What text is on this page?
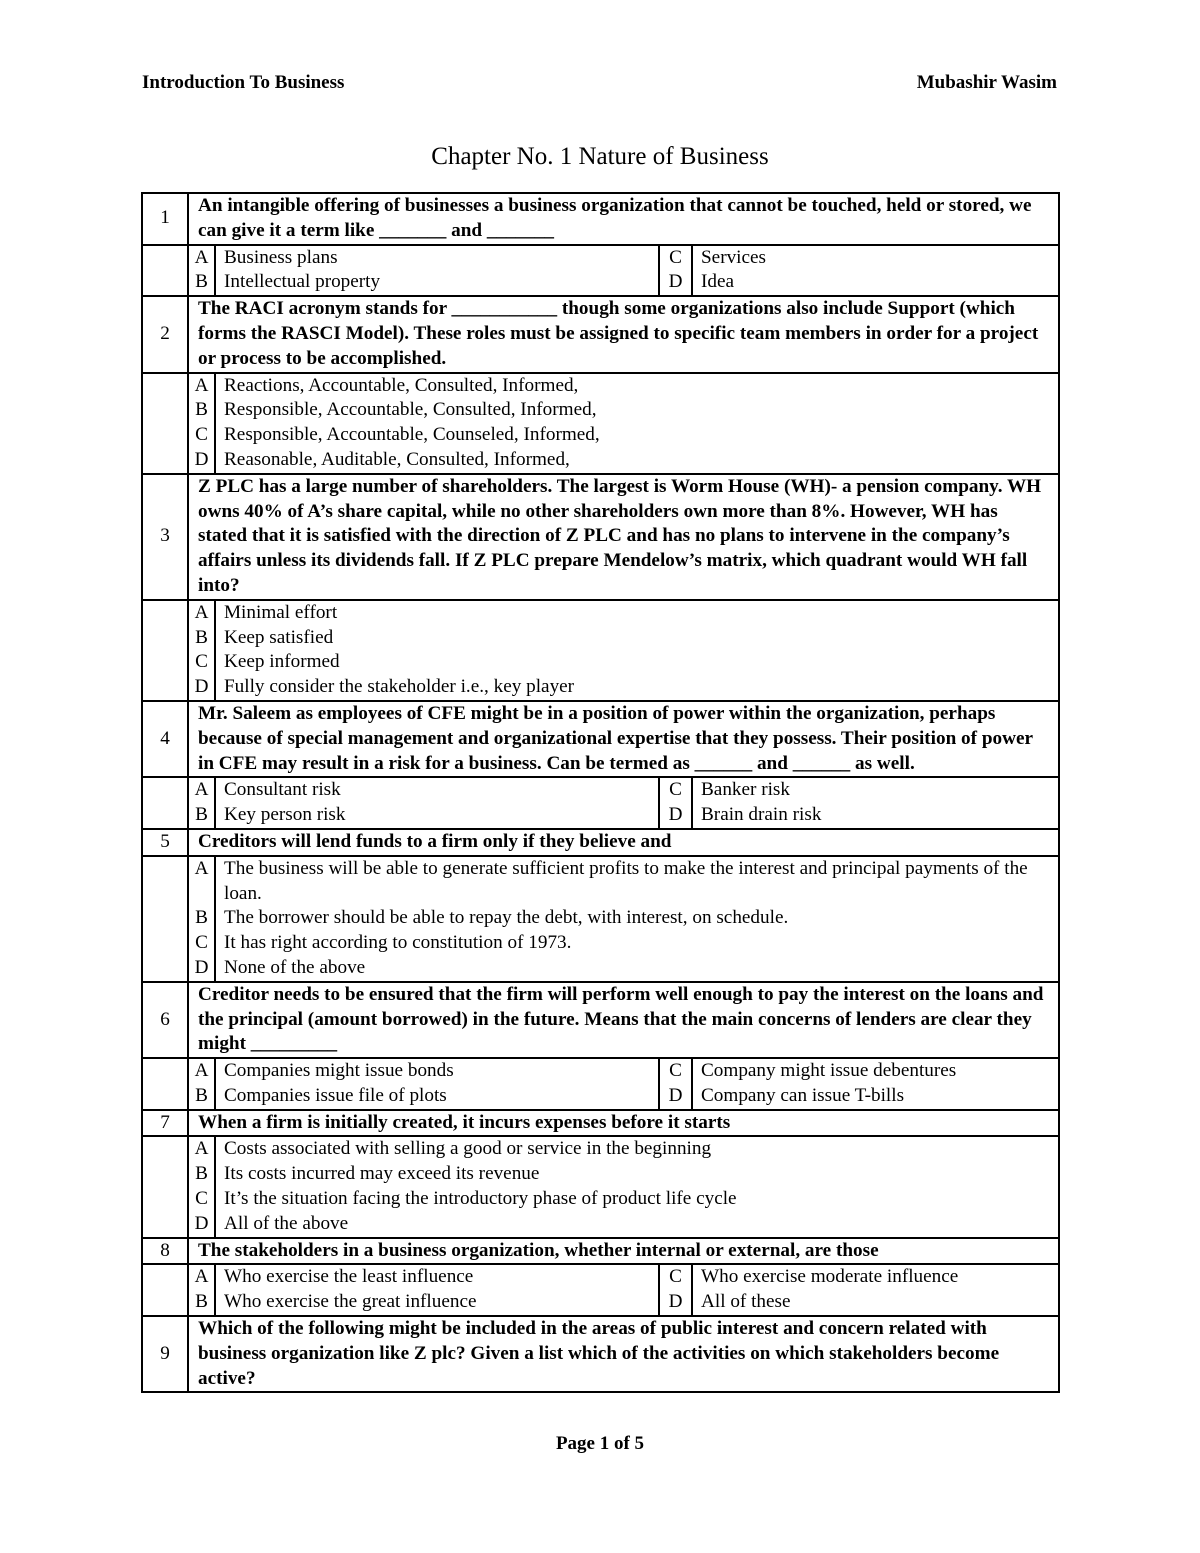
Introduction To Business	Mubashir Wasim
Chapter No. 1 Nature of Business
1	An intangible offering of businesses a business organization that cannot be touched, held or stored, we can give it a term like _______ and _______

A	Business plans	C	Services
B	Intellectual property	D	Idea

2	The RACI acronym stands for ___________ though some organizations also include Support (which forms the RASCI Model). These roles must be assigned to specific team members in order for a project or process to be accomplished.

A	Reactions, Accountable, Consulted, Informed,
B	Responsible, Accountable, Consulted, Informed,
C	Responsible, Accountable, Counseled, Informed,
D	Reasonable, Auditable, Consulted, Informed,

3	Z PLC has a large number of shareholders. The largest is Worm House (WH)- a pension company. WH owns 40% of A’s share capital, while no other shareholders own more than 8%. However, WH has stated that it is satisfied with the direction of Z PLC and has no plans to intervene in the company’s affairs unless its dividends fall. If Z PLC prepare Mendelow’s matrix, which quadrant would WH fall into?

A	Minimal effort
B	Keep satisfied
C	Keep informed
D	Fully consider the stakeholder i.e., key player

4	Mr. Saleem as employees of CFE might be in a position of power within the organization, perhaps because of special management and organizational expertise that they possess. Their position of power in CFE may result in a risk for a business. Can be termed as ______ and ______ as well.

A	Consultant risk	C	Banker risk
B	Key person risk	D	Brain drain risk

5	Creditors will lend funds to a firm only if they believe and

A	The business will be able to generate sufficient profits to make the interest and principal payments of the loan.
B	The borrower should be able to repay the debt, with interest, on schedule.
C	It has right according to constitution of 1973.
D	None of the above

6	Creditor needs to be ensured that the firm will perform well enough to pay the interest on the loans and the principal (amount borrowed) in the future. Means that the main concerns of lenders are clear they might _________

A	Companies might issue bonds	C	Company might issue debentures
B	Companies issue file of plots	D	Company can issue T-bills

7	When a firm is initially created, it incurs expenses before it starts

A	Costs associated with selling a good or service in the beginning
B	Its costs incurred may exceed its revenue
C	It’s the situation facing the introductory phase of product life cycle
D	All of the above

8	The stakeholders in a business organization, whether internal or external, are those

A	Who exercise the least influence	C	Who exercise moderate influence
B	Who exercise the great influence	D	All of these

9	Which of the following might be included in the areas of public interest and concern related with business organization like Z plc? Given a list which of the activities on which stakeholders become active?
Page 1 of 5
